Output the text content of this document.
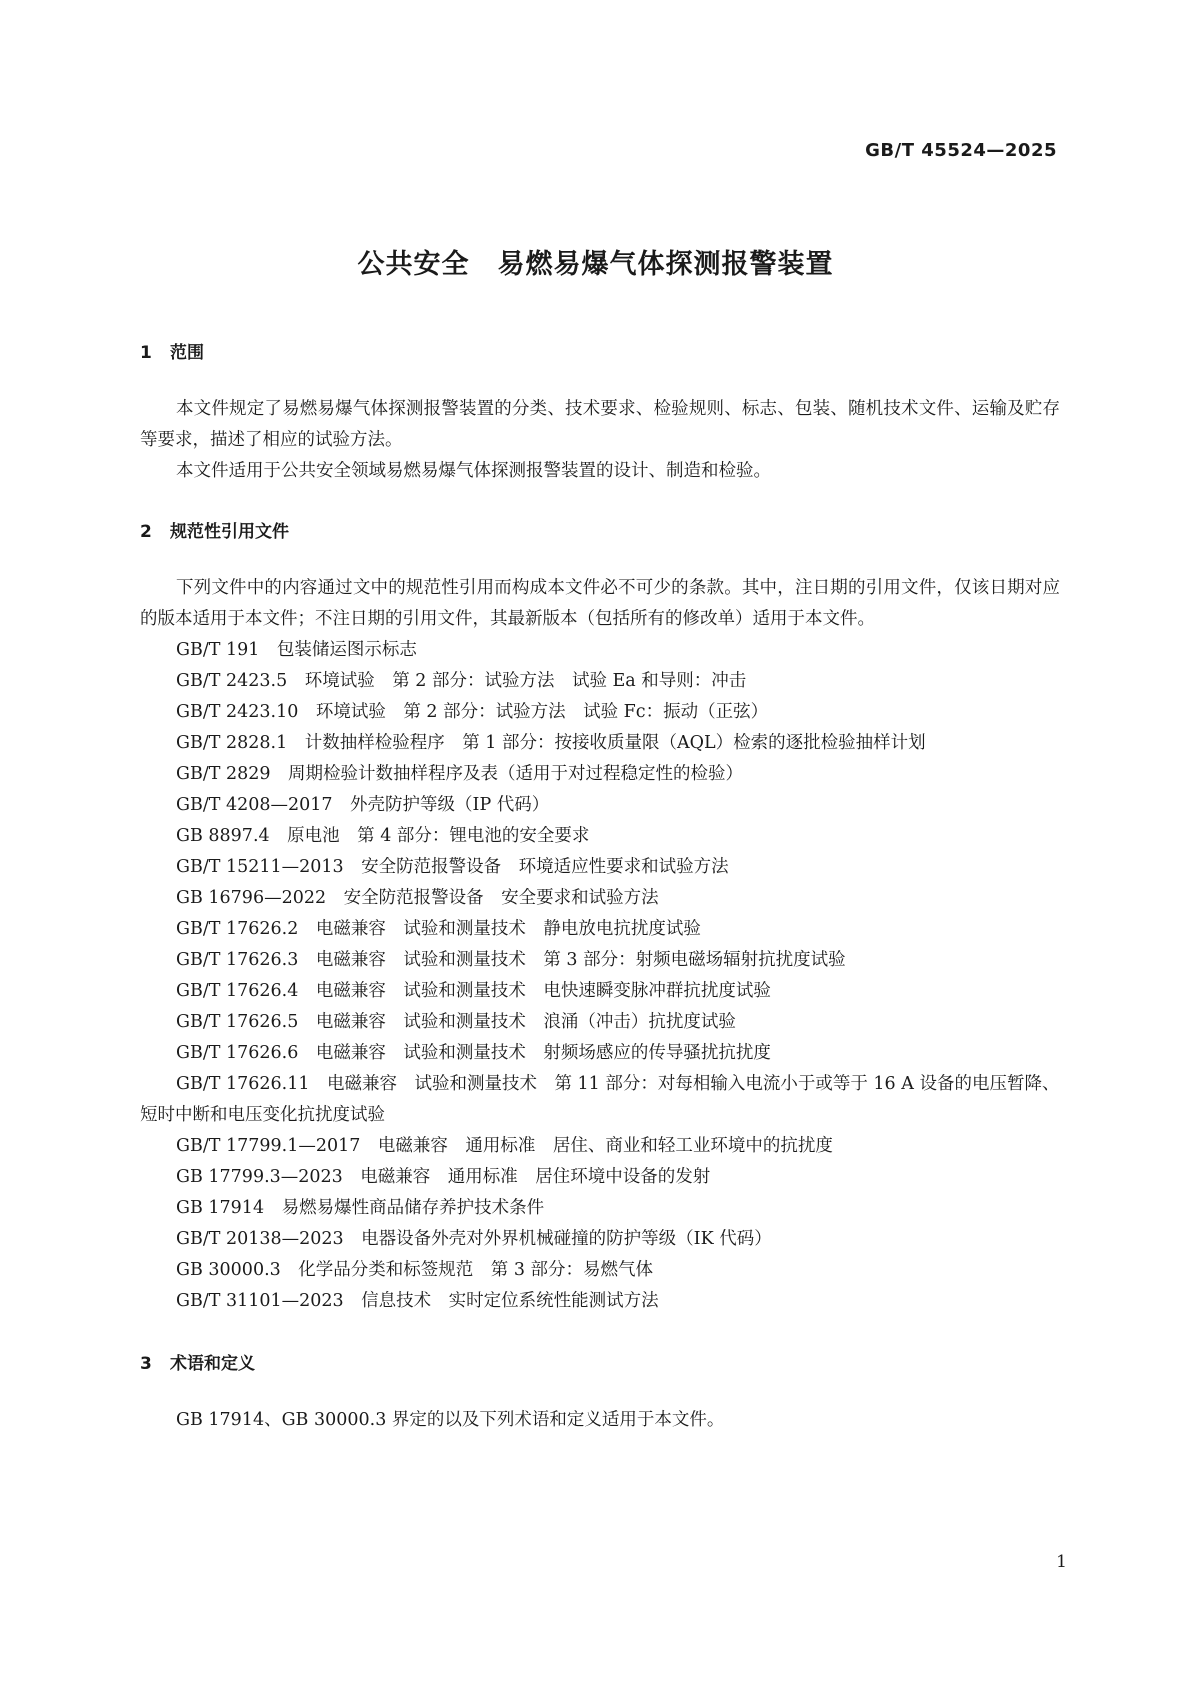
GB/T 45524—2025
公共安全　易燃易爆气体探测报警装置
1	范围

本文件规定了易燃易爆气体探测报警装置的分类、技术要求、检验规则、标志、包装、随机技术文件、运输及贮存等要求，描述了相应的试验方法。

本文件适用于公共安全领域易燃易爆气体探测报警装置的设计、制造和检验。

2	规范性引用文件

下列文件中的内容通过文中的规范性引用而构成本文件必不可少的条款。其中，注日期的引用文件，仅该日期对应的版本适用于本文件；不注日期的引用文件，其最新版本（包括所有的修改单）适用于本文件。

GB/T 191　包装储运图示标志

GB/T 2423.5　环境试验　第 2 部分：试验方法　试验 Ea 和导则：冲击

GB/T 2423.10　环境试验　第 2 部分：试验方法　试验 Fc：振动（正弦）

GB/T 2828.1　计数抽样检验程序　第 1 部分：按接收质量限（AQL）检索的逐批检验抽样计划

GB/T 2829　周期检验计数抽样程序及表（适用于对过程稳定性的检验）

GB/T 4208—2017　外壳防护等级（IP 代码）

GB 8897.4　原电池　第 4 部分：锂电池的安全要求

GB/T 15211—2013　安全防范报警设备　环境适应性要求和试验方法

GB 16796—2022　安全防范报警设备　安全要求和试验方法

GB/T 17626.2　电磁兼容　试验和测量技术　静电放电抗扰度试验

GB/T 17626.3　电磁兼容　试验和测量技术　第 3 部分：射频电磁场辐射抗扰度试验

GB/T 17626.4　电磁兼容　试验和测量技术　电快速瞬变脉冲群抗扰度试验

GB/T 17626.5　电磁兼容　试验和测量技术　浪涌（冲击）抗扰度试验

GB/T 17626.6　电磁兼容　试验和测量技术　射频场感应的传导骚扰抗扰度

GB/T 17626.11　电磁兼容　试验和测量技术　第 11 部分：对每相输入电流小于或等于 16 A 设备的电压暂降、短时中断和电压变化抗扰度试验

GB/T 17799.1—2017　电磁兼容　通用标准　居住、商业和轻工业环境中的抗扰度

GB 17799.3—2023　电磁兼容　通用标准　居住环境中设备的发射

GB 17914　易燃易爆性商品储存养护技术条件

GB/T 20138—2023　电器设备外壳对外界机械碰撞的防护等级（IK 代码）

GB 30000.3　化学品分类和标签规范　第 3 部分：易燃气体

GB/T 31101—2023　信息技术　实时定位系统性能测试方法

3	术语和定义

GB 17914、GB 30000.3 界定的以及下列术语和定义适用于本文件。

1
